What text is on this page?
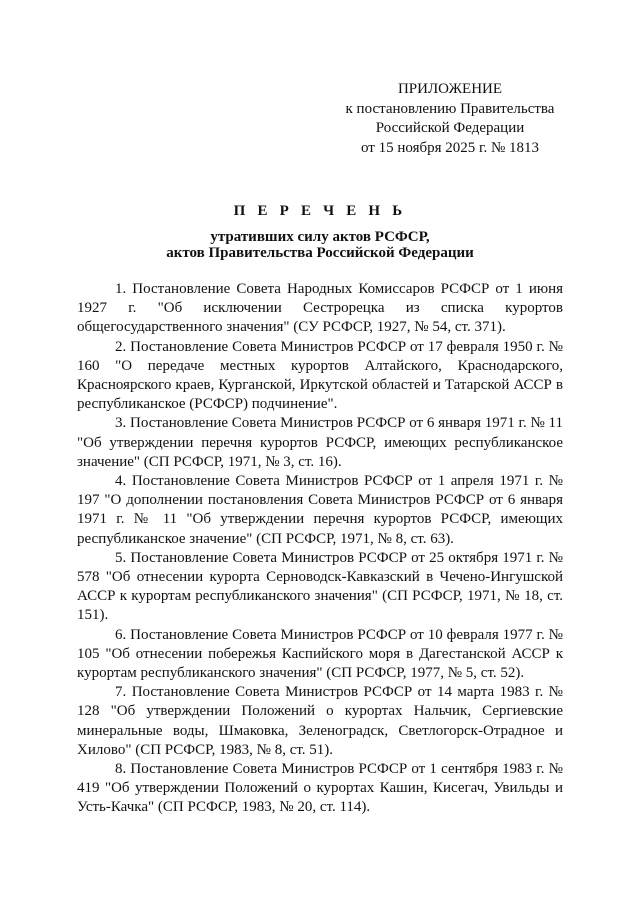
ПРИЛОЖЕНИЕ
к постановлению Правительства
Российской Федерации
от 15 ноября 2025 г. № 1813
П Е Р Е Ч Е Н Ь
утративших силу актов РСФСР,
актов Правительства Российской Федерации

1. Постановление Совета Народных Комиссаров РСФСР от 1 июня 1927 г. "Об исключении Сестрорецка из списка курортов общегосударственного значения" (СУ РСФСР, 1927, № 54, ст. 371).

2. Постановление Совета Министров РСФСР от 17 февраля 1950 г. № 160 "О передаче местных курортов Алтайского, Краснодарского, Красноярского краев, Курганской, Иркутской областей и Татарской АССР в республиканское (РСФСР) подчинение".

3. Постановление Совета Министров РСФСР от 6 января 1971 г. № 11 "Об утверждении перечня курортов РСФСР, имеющих республиканское значение" (СП РСФСР, 1971, № 3, ст. 16).

4. Постановление Совета Министров РСФСР от 1 апреля 1971 г. № 197 "О дополнении постановления Совета Министров РСФСР от 6 января 1971 г. № 11 "Об утверждении перечня курортов РСФСР, имеющих республиканское значение" (СП РСФСР, 1971, № 8, ст. 63).

5. Постановление Совета Министров РСФСР от 25 октября 1971 г. № 578 "Об отнесении курорта Серноводск-Кавказский в Чечено-Ингушской АССР к курортам республиканского значения" (СП РСФСР, 1971, № 18, ст. 151).

6. Постановление Совета Министров РСФСР от 10 февраля 1977 г. № 105 "Об отнесении побережья Каспийского моря в Дагестанской АССР к курортам республиканского значения" (СП РСФСР, 1977, № 5, ст. 52).

7. Постановление Совета Министров РСФСР от 14 марта 1983 г. № 128 "Об утверждении Положений о курортах Нальчик, Сергиевские минеральные воды, Шмаковка, Зеленоградск, Светлогорск-Отрадное и Хилово" (СП РСФСР, 1983, № 8, ст. 51).

8. Постановление Совета Министров РСФСР от 1 сентября 1983 г. № 419 "Об утверждении Положений о курортах Кашин, Кисегач, Увильды и Усть-Качка" (СП РСФСР, 1983, № 20, ст. 114).
